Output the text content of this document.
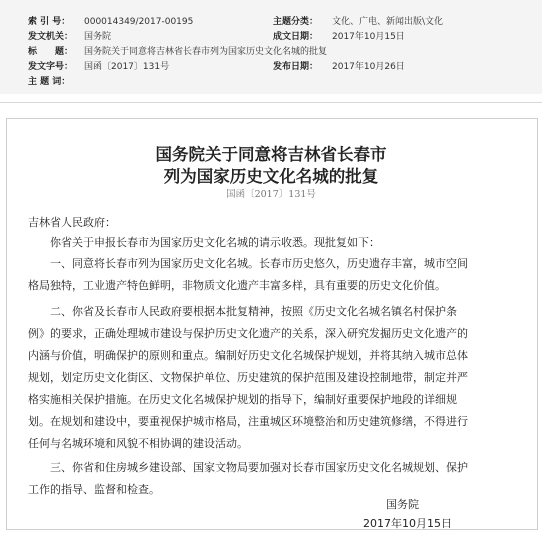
索 引 号： 000014349/2017-00195	主题分类： 文化、广电、新闻出版\文化
发文机关： 国务院	成文日期： 2017年10月15日
标　　题： 国务院关于同意将吉林省长春市列为国家历史文化名城的批复
发文字号： 国函〔2017〕131号	发布日期： 2017年10月26日
主 题 词：
国务院关于同意将吉林省长春市
列为国家历史文化名城的批复
国函〔2017〕131号
吉林省人民政府：
你省关于申报长春市为国家历史文化名城的请示收悉。现批复如下：
一、同意将长春市列为国家历史文化名城。长春市历史悠久，历史遗存丰富，城市空间
格局独特，工业遗产特色鲜明，非物质文化遗产丰富多样，具有重要的历史文化价值。
二、你省及长春市人民政府要根据本批复精神，按照《历史文化名城名镇名村保护条
例》的要求，正确处理城市建设与保护历史文化遗产的关系，深入研究发掘历史文化遗产的
内涵与价值，明确保护的原则和重点。编制好历史文化名城保护规划，并将其纳入城市总体
规划，划定历史文化街区、文物保护单位、历史建筑的保护范围及建设控制地带，制定并严
格实施相关保护措施。在历史文化名城保护规划的指导下，编制好重要保护地段的详细规
划。在规划和建设中，要重视保护城市格局，注重城区环境整治和历史建筑修缮，不得进行
任何与名城环境和风貌不相协调的建设活动。
三、你省和住房城乡建设部、国家文物局要加强对长春市国家历史文化名城规划、保护
工作的指导、监督和检查。
国务院
2017年10月15日
